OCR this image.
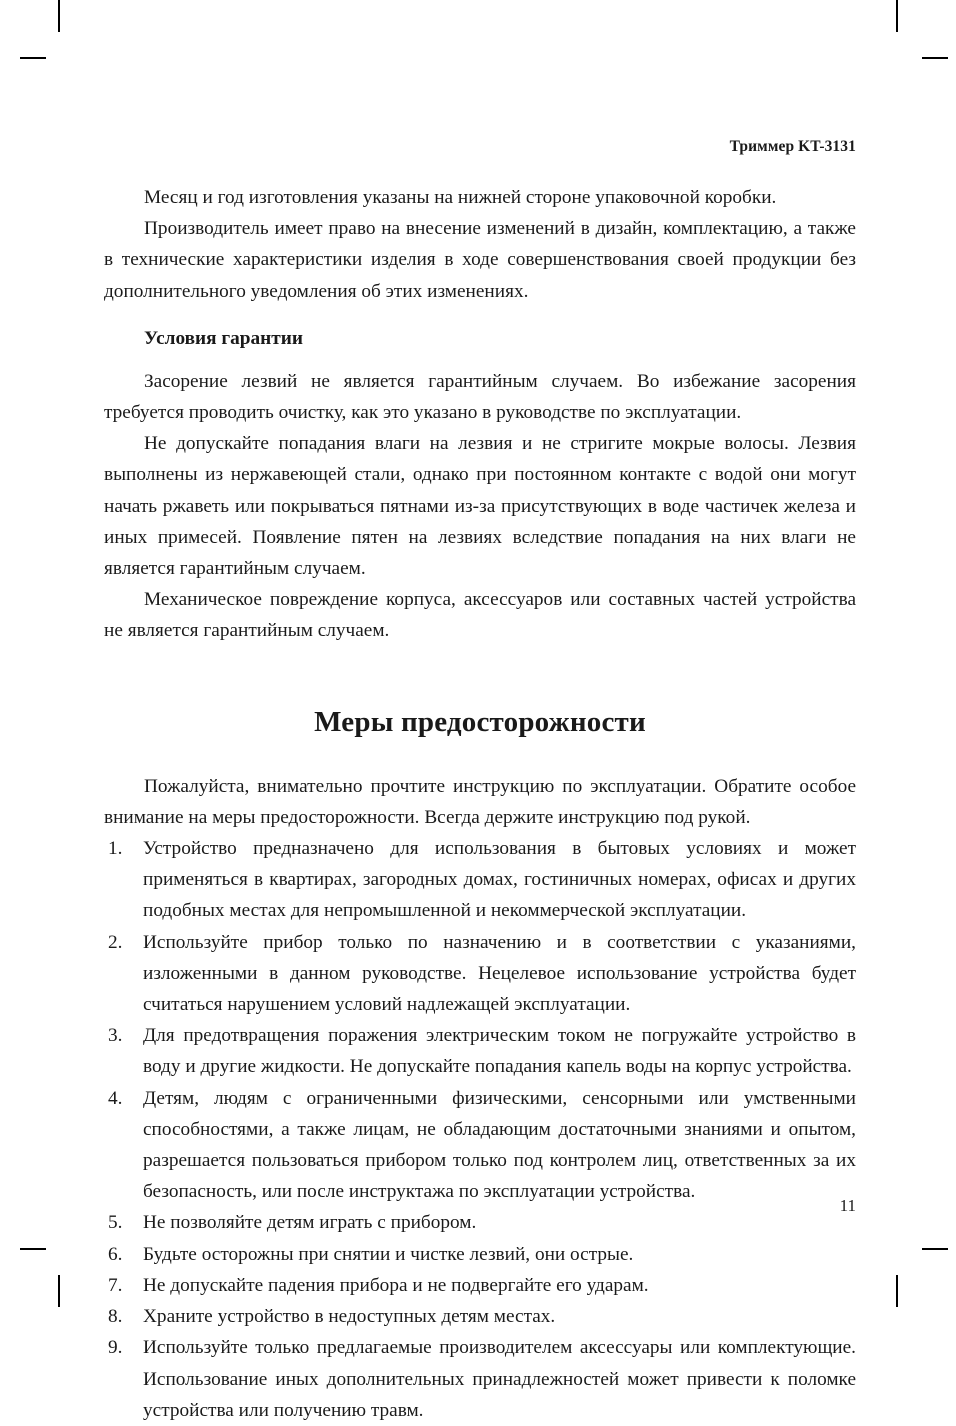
Триммер KT-3131

Месяц и год изготовления указаны на нижней стороне упаковочной коробки.

Производитель имеет право на внесение изменений в дизайн, комплектацию, а также в технические характеристики изделия в ходе совершенствования своей продукции без дополнительного уведомления об этих изменениях.

Условия гарантии

Засорение лезвий не является гарантийным случаем. Во избежание засорения требуется проводить очистку, как это указано в руководстве по эксплуатации.

Не допускайте попадания влаги на лезвия и не стригите мокрые волосы. Лезвия выполнены из нержавеющей стали, однако при постоянном контакте с водой они могут начать ржаветь или покрываться пятнами из-за присутствующих в воде частичек железа и иных примесей. Появление пятен на лезвиях вследствие попадания на них влаги не является гарантийным случаем.

Механическое повреждение корпуса, аксессуаров или составных частей устройства не является гарантийным случаем.

Меры предосторожности

Пожалуйста, внимательно прочтите инструкцию по эксплуатации. Обратите особое внимание на меры предосторожности. Всегда держите инструкцию под рукой.

1.	Устройство предназначено для использования в бытовых условиях и может применяться в квартирах, загородных домах, гостиничных номерах, офисах и других подобных местах для непромышленной и некоммерческой эксплуатации.
2.	Используйте прибор только по назначению и в соответствии с указаниями, изложенными в данном руководстве. Нецелевое использование устройства будет считаться нарушением условий надлежащей эксплуатации.
3.	Для предотвращения поражения электрическим током не погружайте устройство в воду и другие жидкости. Не допускайте попадания капель воды на корпус устройства.
4.	Детям, людям с ограниченными физическими, сенсорными или умственными способностями, а также лицам, не обладающим достаточными знаниями и опытом, разрешается пользоваться прибором только под контролем лиц, ответственных за их безопасность, или после инструктажа по эксплуатации устройства.
5.	Не позволяйте детям играть с прибором.
6.	Будьте осторожны при снятии и чистке лезвий, они острые.
7.	Не допускайте падения прибора и не подвергайте его ударам.
8.	Храните устройство в недоступных детям местах.
9.	Используйте только предлагаемые производителем аксессуары или комплектующие. Использование иных дополнительных принадлежностей может привести к поломке устройства или получению травм.
11
